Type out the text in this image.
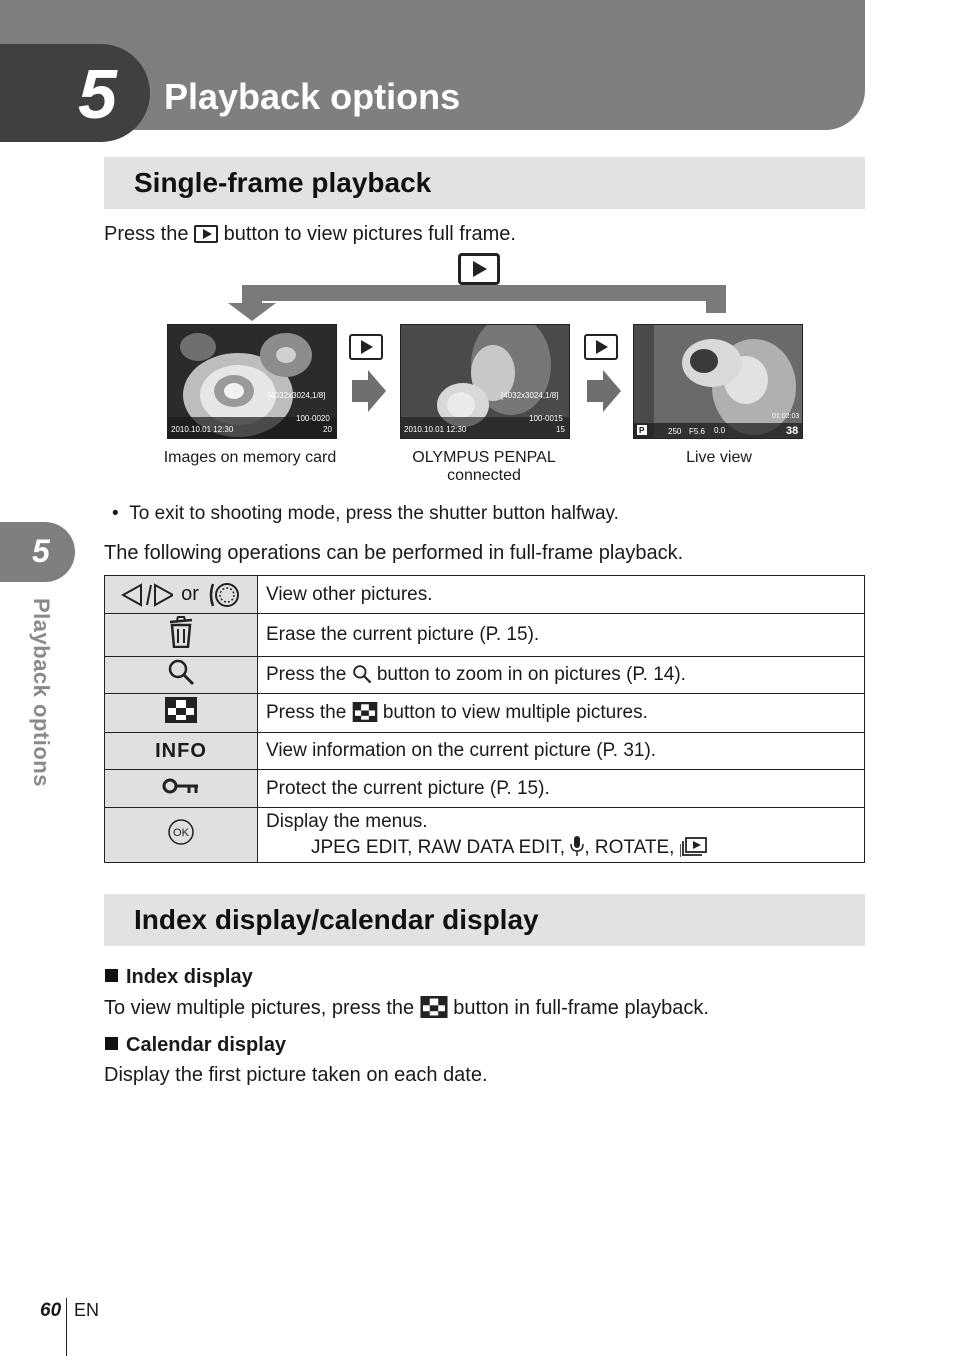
5 Playback options
5
Playback options
Single-frame playback
Press the button to view pictures full frame.
[4032x3024,1/8]
100-0020
20
2010.10.01 12:30
[4032x3024,1/8]
100-0015
15
2010.10.01 12:30	P	250 F5.6 0.0	38
01:02:03
Images on memory card	OLYMPUS PENPAL connected
Live view
•  To exit to shooting mode, press the shutter button halfway.
The following operations can be performed in full-frame playback.
or	View other pictures.
	Erase the current picture (P. 15).
	Press the button to zoom in on pictures (P. 14).
	Press the button to view multiple pictures.
INFO	View information on the current picture (P. 31).
	Protect the current picture (P. 15).

OK	Display the menus.
JPEG EDIT, RAW DATA EDIT, , ROTATE,
Index display/calendar display
Index display
To view multiple pictures, press the button in full-frame playback.
Calendar display
Display the first picture taken on each date.
60 EN
